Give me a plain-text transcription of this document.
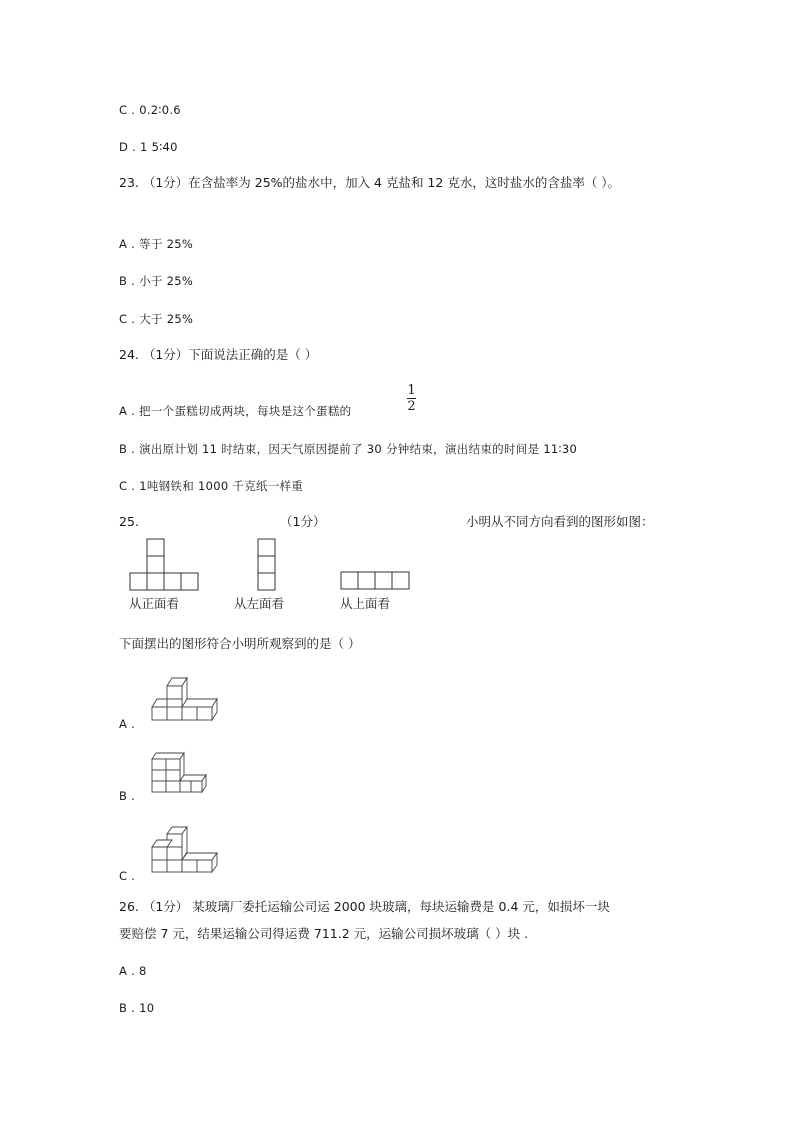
C . 0.2∶0.6
D . 1 5∶40
23. （1分）在含盐率为 25%的盐水中，加入 4 克盐和 12 克水，这时盐水的含盐率（ ）。
A . 等于 25%
B . 小于 25%
C . 大于 25%
24. （1分）下面说法正确的是（ ）
A . 把一个蛋糕切成两块，每块是这个蛋糕的
1
2
B . 演出原计划 11 时结束，因天气原因提前了 30 分钟结束，演出结束的时间是 11∶30
C . 1吨钢铁和 1000 千克纸一样重
25.	（1分）	小明从不同方向看到的图形如图：
从正面看	从左面看	从上面看
下面摆出的图形符合小明所观察到的是（ ）
A .
B .
C .
26. （1分） 某玻璃厂委托运输公司运 2000 块玻璃，每块运输费是 0.4 元，如损坏一块
要赔偿 7 元，结果运输公司得运费 711.2 元，运输公司损坏玻璃（ ）块 .
A . 8
B . 10
